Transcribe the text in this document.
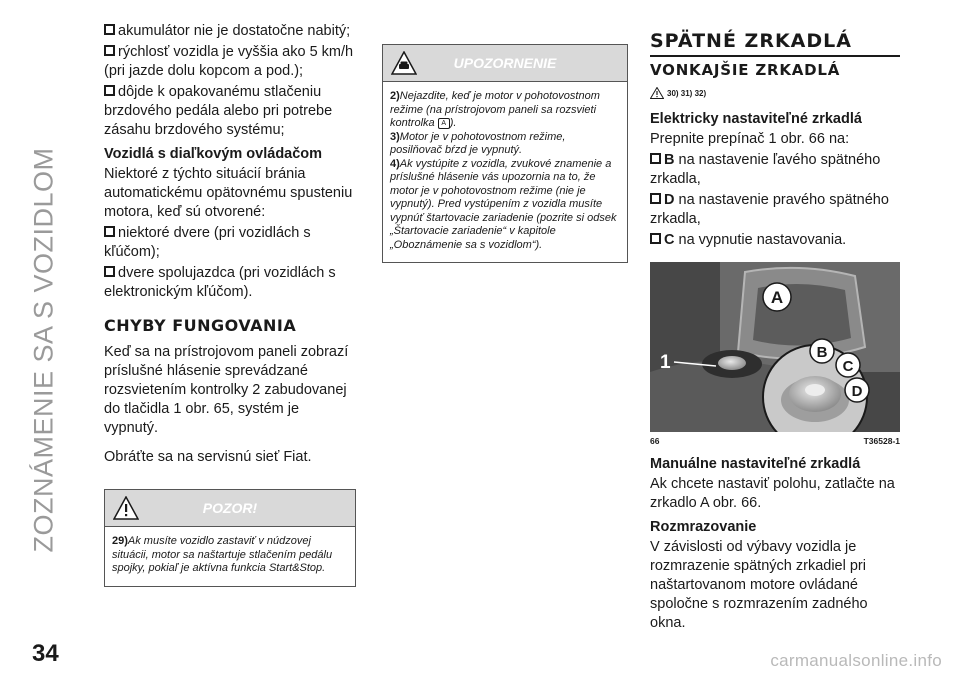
ZOZNÁMENIE SA S VOZIDLOM
34	carmanualsonline.info

akumulátor nie je dostatočne nabitý;

rýchlosť vozidla je vyššia ako 5 km/h (pri jazde dolu kopcom a pod.);

dôjde k opakovanému stlačeniu brzdového pedála alebo pri potrebe zásahu brzdového systému;

Vozidlá s diaľkovým ovládačom

Niektoré z týchto situácií bránia automatickému opätovnému spusteniu motora, keď sú otvorené:

niektoré dvere (pri vozidlách s kľúčom);

dvere spolujazdca (pri vozidlách s elektronickým kľúčom).

CHYBY FUNGOVANIA

Keď sa na prístrojovom paneli zobrazí príslušné hlásenie sprevádzané rozsvietením kontrolky 2 zabudovanej do tlačidla 1 obr. 65, systém je vypnutý.

Obráťte sa na servisnú sieť Fiat.

POZOR!
29)Ak musíte vozidlo zastaviť v núdzovej situácii, motor sa naštartuje stlačením pedálu spojky, pokiaľ je aktívna funkcia Start&Stop.
UPOZORNENIE
2)Nejazdite, keď je motor v pohotovostnom režime (na prístrojovom paneli sa rozsvieti kontrolka A ).
3)Motor je v pohotovostnom režime, posilňovač bŕzd je vypnutý.
4)Ak vystúpite z vozidla, zvukové znamenie a príslušné hlásenie vás upozornia na to, že motor je v pohotovostnom režime (nie je vypnutý). Pred vystúpením z vozidla musíte vypnúť štartovacie zariadenie (pozrite si odsek „Štartovacie zariadenie“ v kapitole „Oboznámenie sa s vozidlom“).
SPÄTNÉ ZRKADLÁ
VONKAJŠIE ZRKADLÁ
30) 31) 32)
Elektricky nastaviteľné zrkadlá

Prepnite prepínač 1 obr. 66 na:

B na nastavenie ľavého spätného zrkadla,

D na nastavenie pravého spätného zrkadla,

C na vypnutie nastavovania.

A
1	B
C
D
66	T36528-1
Manuálne nastaviteľné zrkadlá

Ak chcete nastaviť polohu, zatlačte na zrkadlo A obr. 66.

Rozmrazovanie

V závislosti od výbavy vozidla je rozmrazenie spätných zrkadiel pri naštartovanom motore ovládané spoločne s rozmrazením zadného okna.
